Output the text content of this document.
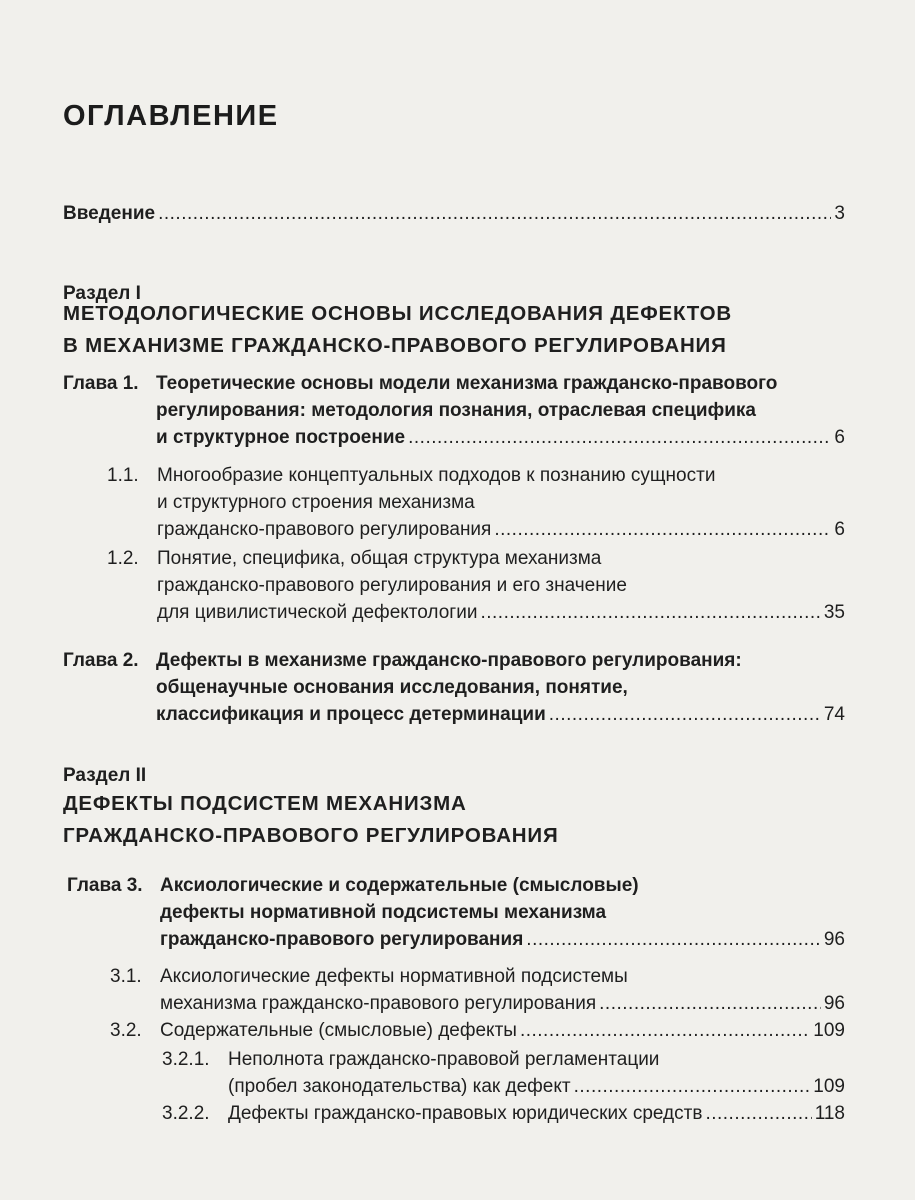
ОГЛАВЛЕНИЕ
Введение .....	3
Раздел I
МЕТОДОЛОГИЧЕСКИЕ ОСНОВЫ ИССЛЕДОВАНИЯ ДЕФЕКТОВ
В МЕХАНИЗМЕ ГРАЖДАНСКО-ПРАВОВОГО РЕГУЛИРОВАНИЯ
Глава 1. Теоретические основы модели механизма гражданско-правового
регулирования: методология познания, отраслевая специфика
и структурное построение .....	6
1.1. Многообразие концептуальных подходов к познанию сущности
и структурного строения механизма
гражданско-правового регулирования .....	6
1.2. Понятие, специфика, общая структура механизма
гражданско-правового регулирования и его значение
для цивилистической дефектологии .....	35
Глава 2. Дефекты в механизме гражданско-правового регулирования:
общенаучные основания исследования, понятие,
классификация и процесс детерминации .....	74
Раздел II
ДЕФЕКТЫ ПОДСИСТЕМ МЕХАНИЗМА
ГРАЖДАНСКО-ПРАВОВОГО РЕГУЛИРОВАНИЯ
Глава 3. Аксиологические и содержательные (смысловые)
дефекты нормативной подсистемы механизма
гражданско-правового регулирования .....	96
3.1. Аксиологические дефекты нормативной подсистемы
механизма гражданско-правового регулирования .....	96
3.2. Содержательные (смысловые) дефекты .....	109
3.2.1. Неполнота гражданско-правовой регламентации
(пробел законодательства) как дефект .....	109
3.2.2. Дефекты гражданско-правовых юридических средств .....	118
